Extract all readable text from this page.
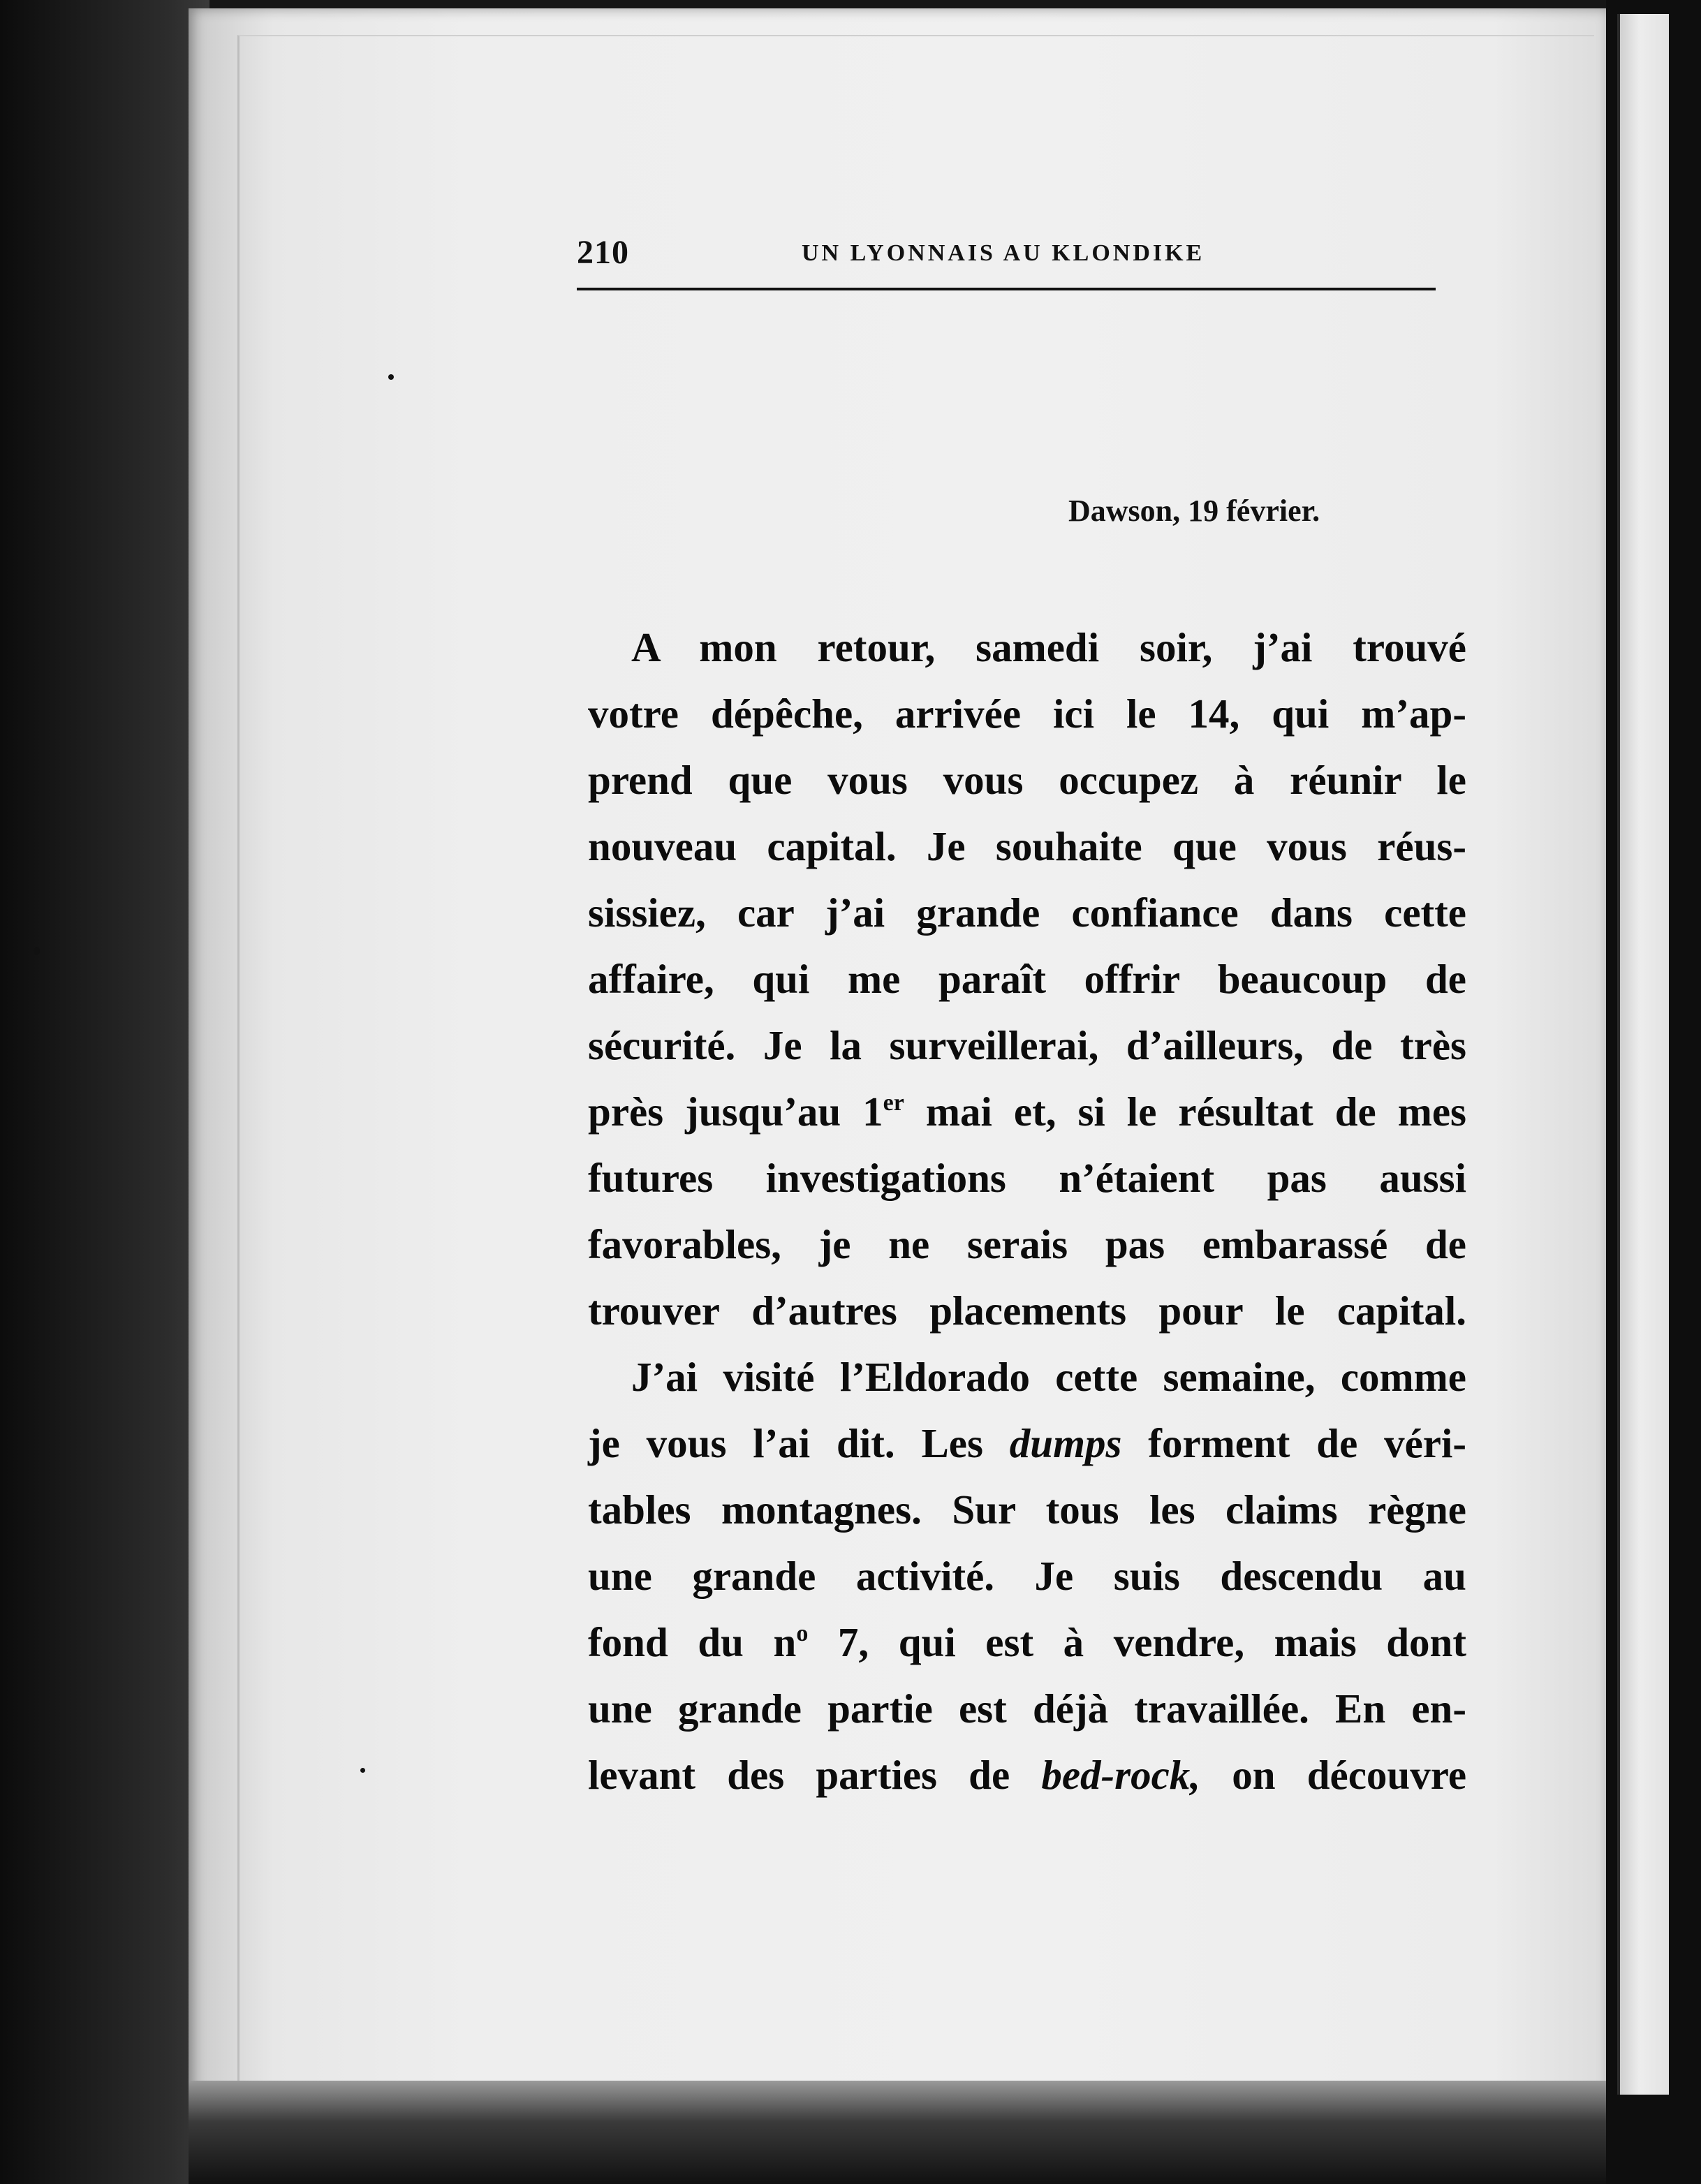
210	UN LYONNAIS AU KLONDIKE
Dawson, 19 février.
A mon retour, samedi soir, j’ai trouvé
votre dépêche, arrivée ici le 14, qui m’ap-
prend que vous vous occupez à réunir le
nouveau capital. Je souhaite que vous réus-
sissiez, car j’ai grande confiance dans cette
affaire, qui me paraît offrir beaucoup de
sécurité. Je la surveillerai, d’ailleurs, de très
près jusqu’au 1er mai et, si le résultat de mes
futures investigations n’étaient pas aussi
favorables, je ne serais pas embarassé de
trouver d’autres placements pour le capital.
J’ai visité l’Eldorado cette semaine, comme
je vous l’ai dit. Les dumps forment de véri-
tables montagnes. Sur tous les claims règne
une grande activité. Je suis descendu au
fond du $n^o$ 7, qui est à vendre, mais dont
une grande partie est déjà travaillée. En en-
levant des parties de bed-rock, on découvre
